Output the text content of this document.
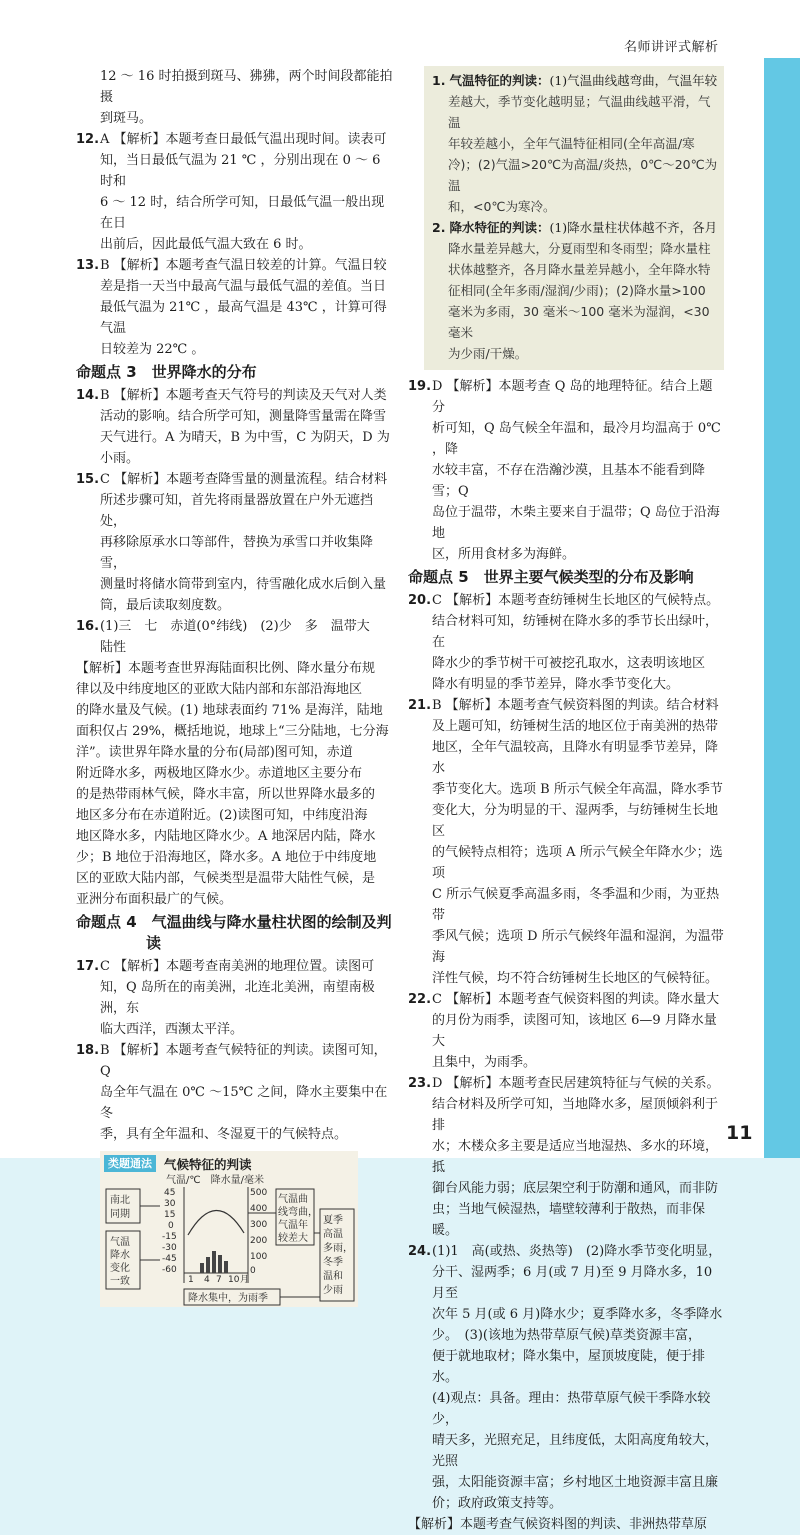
名师讲评式解析

12 ～ 16 时拍摄到斑马、狒狒，两个时间段都能拍摄

到斑马。

12. A 【解析】本题考查日最低气温出现时间。读表可

知，当日最低气温为 21 ℃ ，分别出现在 0 ～ 6 时和

6 ～ 12 时，结合所学可知，日最低气温一般出现在日

出前后，因此最低气温大致在 6 时。

13. B 【解析】本题考查气温日较差的计算。气温日较

差是指一天当中最高气温与最低气温的差值。当日

最低气温为 21℃ ，最高气温是 43℃ ，计算可得气温

日较差为 22℃ 。

命题点 3　世界降水的分布
14. B 【解析】本题考查天气符号的判读及天气对人类

活动的影响。结合所学可知，测量降雪量需在降雪

天气进行。A 为晴天，B 为中雪，C 为阴天，D 为

小雨。

15. C 【解析】本题考查降雪量的测量流程。结合材料

所述步骤可知，首先将雨量器放置在户外无遮挡处，

再移除原承水口等部件，替换为承雪口并收集降雪，

测量时将储水筒带到室内，待雪融化成水后倒入量

筒，最后读取刻度数。

16. (1)三　七　赤道(0°纬线)　(2)少　多　温带大

陆性

【解析】本题考查世界海陆面积比例、降水量分布规

律以及中纬度地区的亚欧大陆内部和东部沿海地区

的降水量及气候。(1) 地球表面约 71% 是海洋，陆地

面积仅占 29%，概括地说，地球上“三分陆地，七分海

洋”。读世界年降水量的分布(局部)图可知，赤道

附近降水多，两极地区降水少。赤道地区主要分布

的是热带雨林气候，降水丰富，所以世界降水最多的

地区多分布在赤道附近。(2)读图可知，中纬度沿海

地区降水多，内陆地区降水少。A 地深居内陆，降水

少；B 地位于沿海地区，降水多。A 地位于中纬度地

区的亚欧大陆内部，气候类型是温带大陆性气候，是

亚洲分布面积最广的气候。

命题点 4　气温曲线与降水量柱状图的绘制及判
读
17. C 【解析】本题考查南美洲的地理位置。读图可

知，Q 岛所在的南美洲，北连北美洲，南望南极洲，东

临大西洋，西濒太平洋。

18. B 【解析】本题考查气候特征的判读。读图可知，Q

岛全年气温在 0℃ ～15℃ 之间，降水主要集中在冬

季，具有全年温和、冬湿夏干的气候特点。

类题通法 气候特征的判读
气温/℃　降水量/毫米
45
30
15
0
-15
-30
-45
-60
500
400
300
200
100
0
1 4 7 10 月
南北
同期
气温
降水
变化
一致
气温曲
线弯曲，
气温年
较差大
夏季
高温
多雨，
冬季
温和
少雨
降水集中，为雨季
1. 气温特征的判读：(1)气温曲线越弯曲，气温年较
差越大，季节变化越明显；气温曲线越平滑，气温
年较差越小，全年气温特征相同(全年高温/寒
冷)；(2)气温>20℃为高温/炎热，0℃～20℃为温
和，<0℃为寒冷。
2. 降水特征的判读：(1)降水量柱状体越不齐，各月
降水量差异越大，分夏雨型和冬雨型；降水量柱
状体越整齐，各月降水量差异越小，全年降水特
征相同(全年多雨/湿润/少雨)；(2)降水量>100
毫米为多雨，30 毫米～100 毫米为湿润，<30 毫米
为少雨/干燥。
19. D 【解析】本题考查 Q 岛的地理特征。结合上题分

析可知，Q 岛气候全年温和，最冷月均温高于 0℃ ，降

水较丰富，不存在浩瀚沙漠，且基本不能看到降雪；Q

岛位于温带，木柴主要来自于温带；Q 岛位于沿海地

区，所用食材多为海鲜。

命题点 5　世界主要气候类型的分布及影响
20. C 【解析】本题考查纺锤树生长地区的气候特点。

结合材料可知，纺锤树在降水多的季节长出绿叶，在

降水少的季节树干可被挖孔取水，这表明该地区

降水有明显的季节差异，降水季节变化大。

21. B 【解析】本题考查气候资料图的判读。结合材料

及上题可知，纺锤树生活的地区位于南美洲的热带

地区，全年气温较高，且降水有明显季节差异，降水

季节变化大。选项 B 所示气候全年高温，降水季节

变化大，分为明显的干、湿两季，与纺锤树生长地区

的气候特点相符；选项 A 所示气候全年降水少；选项

C 所示气候夏季高温多雨，冬季温和少雨，为亚热带

季风气候；选项 D 所示气候终年温和湿润，为温带海

洋性气候，均不符合纺锤树生长地区的气候特征。

22. C 【解析】本题考查气候资料图的判读。降水量大

的月份为雨季，读图可知，该地区 6—9 月降水量大

且集中，为雨季。

23. D 【解析】本题考查民居建筑特征与气候的关系。

结合材料及所学可知，当地降水多，屋顶倾斜利于排

水；木楼众多主要是适应当地湿热、多水的环境，抵

御台风能力弱；底层架空利于防潮和通风，而非防

虫；当地气候湿热，墙壁较薄利于散热，而非保暖。

24. (1)1　高(或热、炎热等)　(2)降水季节变化明显，

分干、湿两季；6 月(或 7 月)至 9 月降水多，10 月至

次年 5 月(或 6 月)降水少；夏季降水多，冬季降水

少。　(3)(该地为热带草原气候)草类资源丰富，

便于就地取材；降水集中，屋顶坡度陡，便于排水。

(4)观点：具备。理由：热带草原气候干季降水较少，

晴天多，光照充足，且纬度低，太阳高度角较大，光照

强，太阳能资源丰富；乡村地区土地资源丰富且廉

价；政府政策支持等。

【解析】本题考查气候资料图的判读、非洲热带草原

11
